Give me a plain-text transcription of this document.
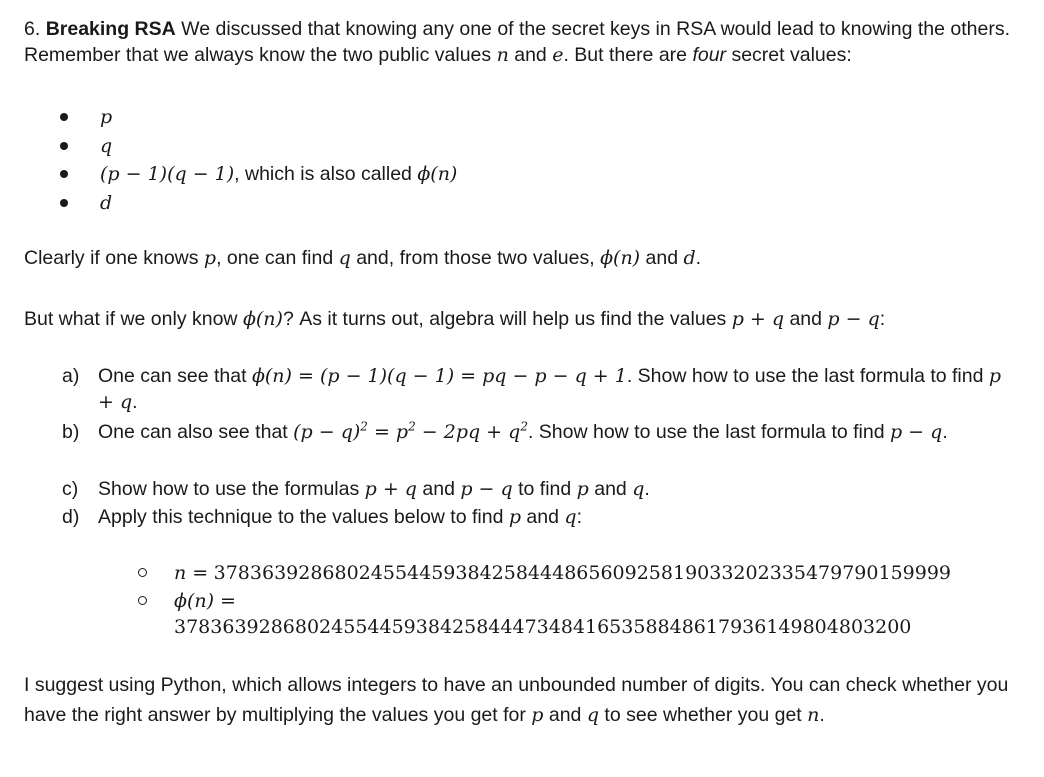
6. Breaking RSA We discussed that knowing any one of the secret keys in RSA would lead to knowing the others. Remember that we always know the two public values n and e. But there are four secret values:
p
q
(p − 1)(q − 1), which is also called ϕ(n)
d
Clearly if one knows p, one can find q and, from those two values, ϕ(n) and d.
But what if we only know ϕ(n)? As it turns out, algebra will help us find the values p + q and p − q:
a) One can see that ϕ(n) = (p − 1)(q − 1) = pq − p − q + 1. Show how to use the last formula to find p + q.
b) One can also see that $(p - q)^2 = p^2 - 2pq + q^2$. Show how to use the last formula to find p − q.
c) Show how to use the formulas p + q and p − q to find p and q.
d) Apply this technique to the values below to find p and q:
n = 3783639286802455445938425844486560925819033202335479790159999
ϕ(n) =
3783639286802455445938425844473484165358848617936149804803200
I suggest using Python, which allows integers to have an unbounded number of digits. You can check whether you have the right answer by multiplying the values you get for p and q to see whether you get n.
